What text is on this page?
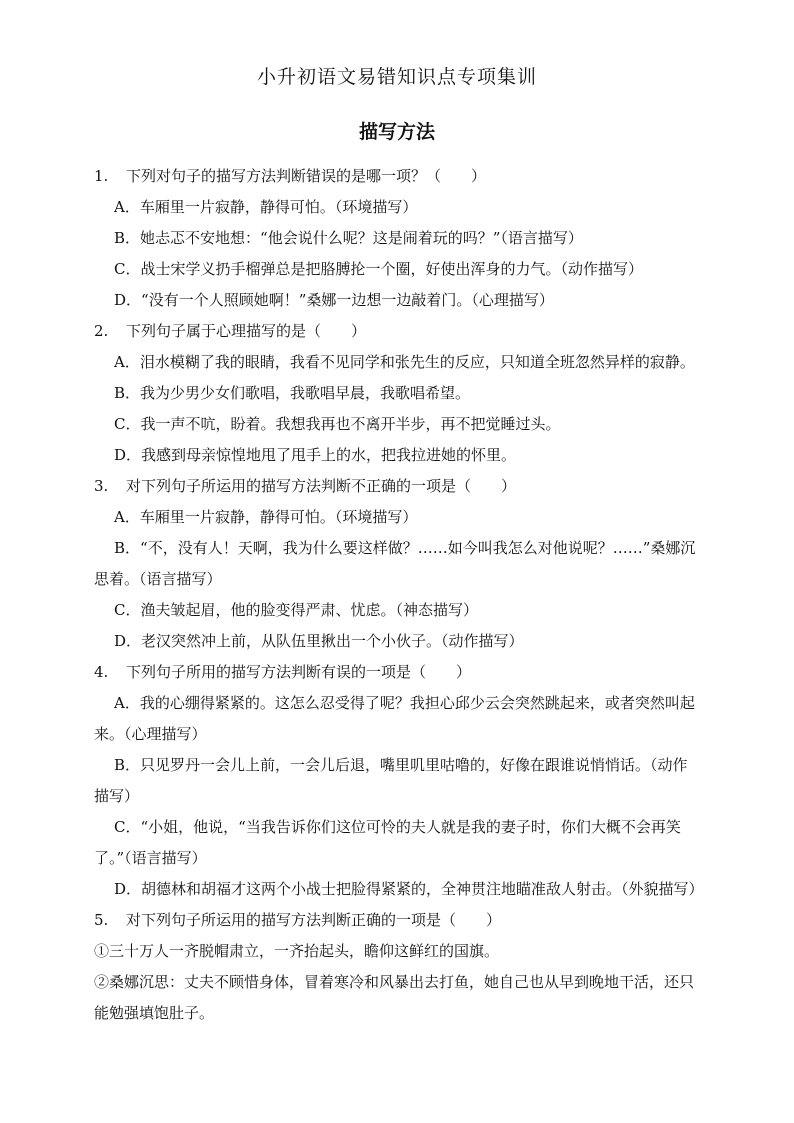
小升初语文易错知识点专项集训
描写方法
1. 下列对句子的描写方法判断错误的是哪一项？（　　）
A．车厢里一片寂静，静得可怕。（环境描写）
B．她忐忑不安地想：“他会说什么呢？这是闹着玩的吗？”（语言描写）
C．战士宋学义扔手榴弹总是把胳膊抡一个圈，好使出浑身的力气。（动作描写）
D．“没有一个人照顾她啊！”桑娜一边想一边敲着门。（心理描写）
2. 下列句子属于心理描写的是（　　）
A．泪水模糊了我的眼睛，我看不见同学和张先生的反应，只知道全班忽然异样的寂静。
B．我为少男少女们歌唱，我歌唱早晨，我歌唱希望。
C．我一声不吭，盼着。我想我再也不离开半步，再不把觉睡过头。
D．我感到母亲惊惶地甩了甩手上的水，把我拉进她的怀里。
3. 对下列句子所运用的描写方法判断不正确的一项是（　　）
A．车厢里一片寂静，静得可怕。（环境描写）
B．“不，没有人！天啊，我为什么要这样做？……如今叫我怎么对他说呢？……”桑娜沉思着。（语言描写）
C．渔夫皱起眉，他的脸变得严肃、忧虑。（神态描写）
D．老汉突然冲上前，从队伍里揪出一个小伙子。（动作描写）
4. 下列句子所用的描写方法判断有误的一项是（　　）
A．我的心绷得紧紧的。这怎么忍受得了呢？我担心邱少云会突然跳起来，或者突然叫起来。（心理描写）
B．只见罗丹一会儿上前，一会儿后退，嘴里叽里咕噜的，好像在跟谁说悄悄话。（动作描写）
C．“小姐，他说，“当我告诉你们这位可怜的夫人就是我的妻子时，你们大概不会再笑了。”（语言描写）
D．胡德林和胡福才这两个小战士把脸得紧紧的，全神贯注地瞄准敌人射击。（外貌描写）
5. 对下列句子所运用的描写方法判断正确的一项是（　　）
①三十万人一齐脱帽肃立，一齐抬起头，瞻仰这鲜红的国旗。
②桑娜沉思：丈夫不顾惜身体，冒着寒冷和风暴出去打鱼，她自己也从早到晚地干活，还只能勉强填饱肚子。
